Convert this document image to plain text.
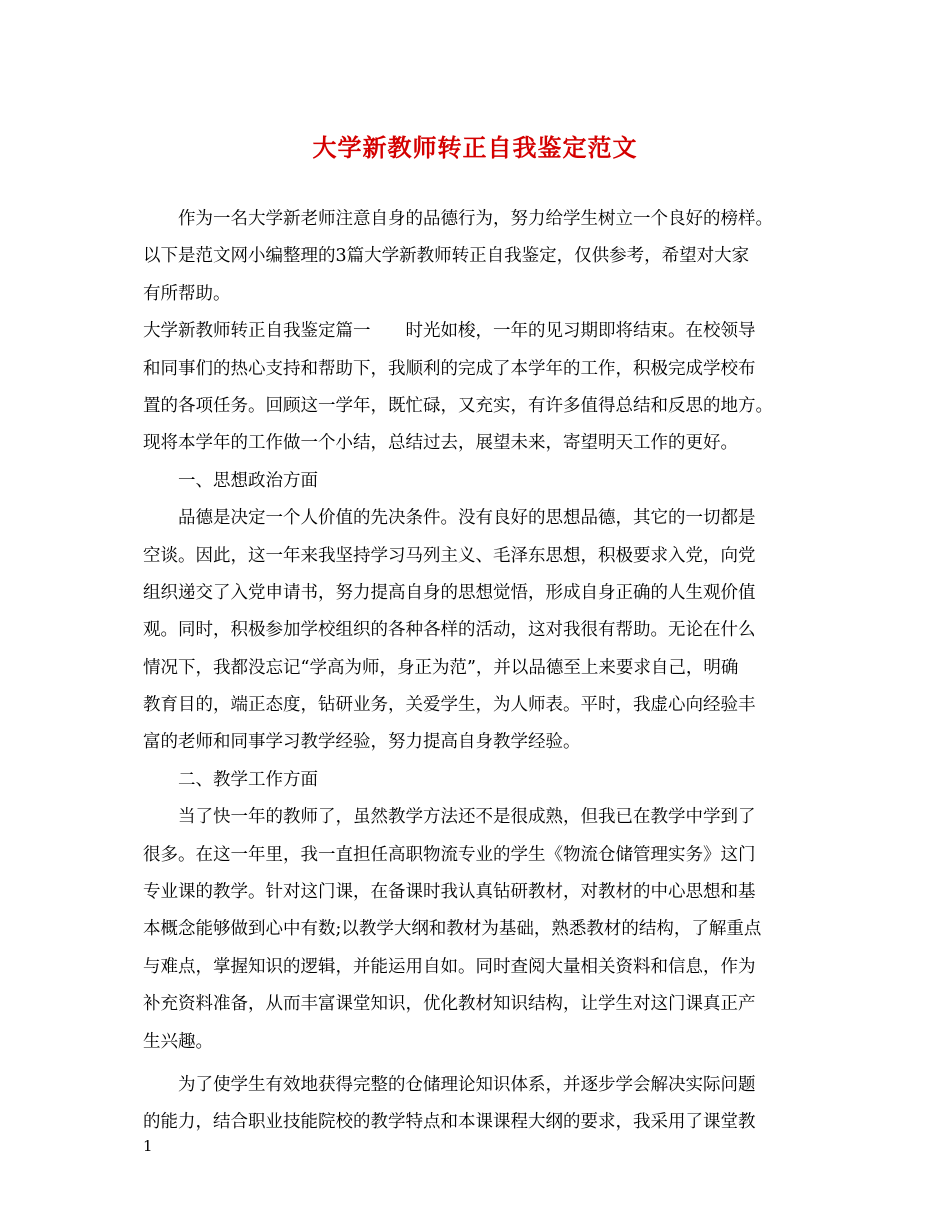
大学新教师转正自我鉴定范文
作为一名大学新老师注意自身的品德行为，努力给学生树立一个良好的榜样。
以下是范文网小编整理的3篇大学新教师转正自我鉴定，仅供参考，希望对大家
有所帮助。
大学新教师转正自我鉴定篇一　　时光如梭，一年的见习期即将结束。在校领导
和同事们的热心支持和帮助下，我顺利的完成了本学年的工作，积极完成学校布
置的各项任务。回顾这一学年，既忙碌，又充实，有许多值得总结和反思的地方。
现将本学年的工作做一个小结，总结过去，展望未来，寄望明天工作的更好。
一、思想政治方面
品德是决定一个人价值的先决条件。没有良好的思想品德，其它的一切都是
空谈。因此，这一年来我坚持学习马列主义、毛泽东思想，积极要求入党，向党
组织递交了入党申请书，努力提高自身的思想觉悟，形成自身正确的人生观价值
观。同时，积极参加学校组织的各种各样的活动，这对我很有帮助。无论在什么
情况下，我都没忘记“学高为师，身正为范”，并以品德至上来要求自己，明确
教育目的，端正态度，钻研业务，关爱学生，为人师表。平时，我虚心向经验丰
富的老师和同事学习教学经验，努力提高自身教学经验。
二、教学工作方面
当了快一年的教师了，虽然教学方法还不是很成熟，但我已在教学中学到了
很多。在这一年里，我一直担任高职物流专业的学生《物流仓储管理实务》这门
专业课的教学。针对这门课，在备课时我认真钻研教材，对教材的中心思想和基
本概念能够做到心中有数;以教学大纲和教材为基础，熟悉教材的结构，了解重点
与难点，掌握知识的逻辑，并能运用自如。同时查阅大量相关资料和信息，作为
补充资料准备，从而丰富课堂知识，优化教材知识结构，让学生对这门课真正产
生兴趣。
为了使学生有效地获得完整的仓储理论知识体系，并逐步学会解决实际问题
的能力，结合职业技能院校的教学特点和本课课程大纲的要求，我采用了课堂教
1
